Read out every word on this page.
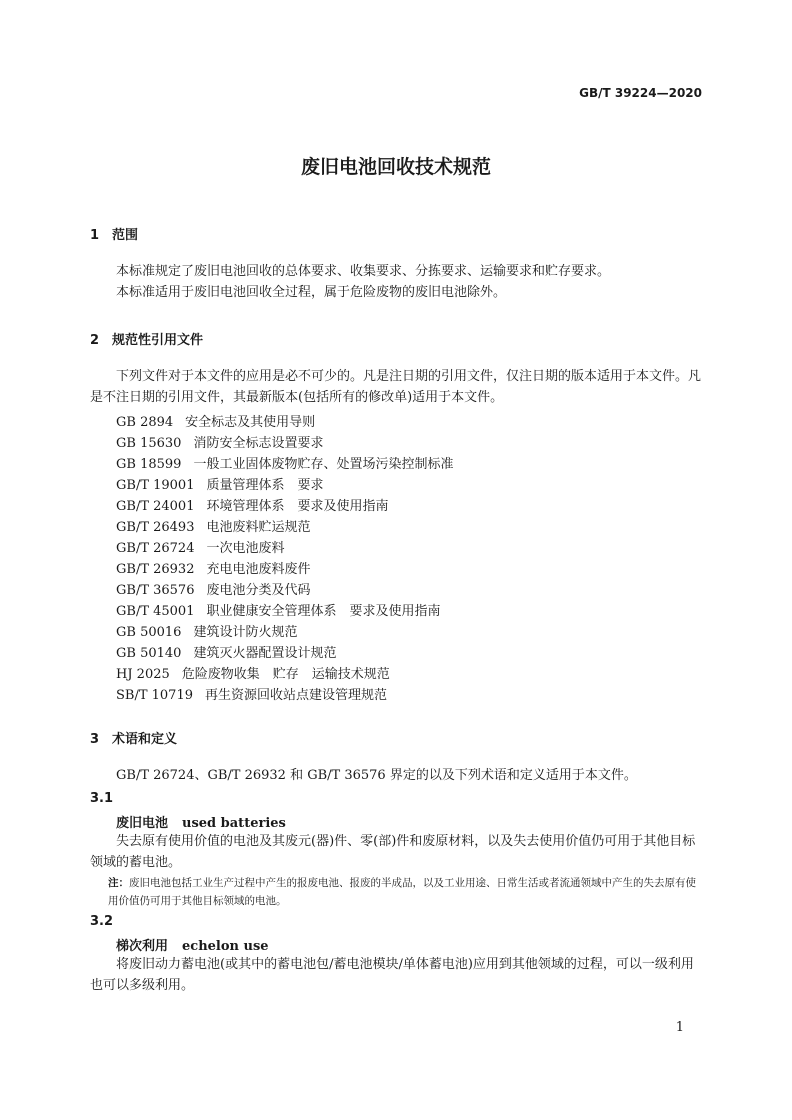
GB/T 39224—2020
废旧电池回收技术规范
1 范围
本标准规定了废旧电池回收的总体要求、收集要求、分拣要求、运输要求和贮存要求。
本标准适用于废旧电池回收全过程，属于危险废物的废旧电池除外。
2 规范性引用文件
下列文件对于本文件的应用是必不可少的。凡是注日期的引用文件，仅注日期的版本适用于本文件。凡是不注日期的引用文件，其最新版本(包括所有的修改单)适用于本文件。
GB 2894 安全标志及其使用导则
GB 15630 消防安全标志设置要求
GB 18599 一般工业固体废物贮存、处置场污染控制标准
GB/T 19001 质量管理体系　要求
GB/T 24001 环境管理体系　要求及使用指南
GB/T 26493 电池废料贮运规范
GB/T 26724 一次电池废料
GB/T 26932 充电电池废料废件
GB/T 36576 废电池分类及代码
GB/T 45001 职业健康安全管理体系　要求及使用指南
GB 50016 建筑设计防火规范
GB 50140 建筑灭火器配置设计规范
HJ 2025 危险废物收集　贮存　运输技术规范
SB/T 10719 再生资源回收站点建设管理规范
3 术语和定义
GB/T 26724、GB/T 26932 和 GB/T 36576 界定的以及下列术语和定义适用于本文件。
3.1
废旧电池 used batteries
失去原有使用价值的电池及其废元(器)件、零(部)件和废原材料，以及失去使用价值仍可用于其他目标领域的蓄电池。
注：废旧电池包括工业生产过程中产生的报废电池、报废的半成品，以及工业用途、日常生活或者流通领域中产生的失去原有使用价值仍可用于其他目标领域的电池。
3.2
梯次利用 echelon use
将废旧动力蓄电池(或其中的蓄电池包/蓄电池模块/单体蓄电池)应用到其他领域的过程，可以一级利用也可以多级利用。
1
